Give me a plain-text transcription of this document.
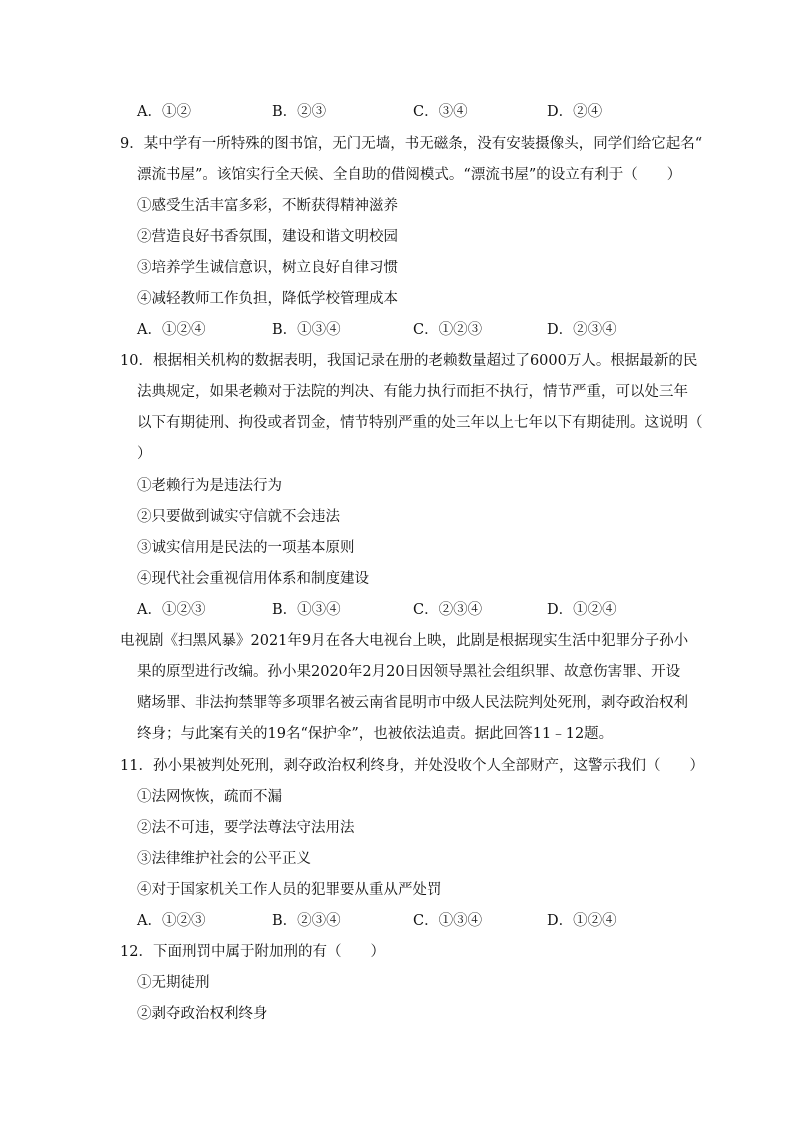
A．①②	B．②③	C．③④	D．②④
9．某中学有一所特殊的图书馆，无门无墙，书无磁条，没有安装摄像头，同学们给它起名“
漂流书屋”。该馆实行全天候、全自助的借阅模式。“漂流书屋”的设立有利于（　　）
①感受生活丰富多彩，不断获得精神滋养
②营造良好书香氛围，建设和谐文明校园
③培养学生诚信意识，树立良好自律习惯
④减轻教师工作负担，降低学校管理成本
A．①②④	B．①③④	C．①②③	D．②③④
10．根据相关机构的数据表明，我国记录在册的老赖数量超过了6000万人。根据最新的民
法典规定，如果老赖对于法院的判决、有能力执行而拒不执行，情节严重，可以处三年
以下有期徒刑、拘役或者罚金，情节特别严重的处三年以上七年以下有期徒刑。这说明（
）
①老赖行为是违法行为
②只要做到诚实守信就不会违法
③诚实信用是民法的一项基本原则
④现代社会重视信用体系和制度建设
A．①②③	B．①③④	C．②③④	D．①②④
电视剧《扫黑风暴》2021年9月在各大电视台上映，此剧是根据现实生活中犯罪分子孙小
果的原型进行改编。孙小果2020年2月20日因领导黑社会组织罪、故意伤害罪、开设
赌场罪、非法拘禁罪等多项罪名被云南省昆明市中级人民法院判处死刑，剥夺政治权利
终身；与此案有关的19名“保护伞”，也被依法追责。据此回答11﹣12题。
11．孙小果被判处死刑，剥夺政治权利终身，并处没收个人全部财产，这警示我们（　　）
①法网恢恢，疏而不漏
②法不可违，要学法尊法守法用法
③法律维护社会的公平正义
④对于国家机关工作人员的犯罪要从重从严处罚
A．①②③	B．②③④	C．①③④	D．①②④
12．下面刑罚中属于附加刑的有（　　）
①无期徒刑
②剥夺政治权利终身
